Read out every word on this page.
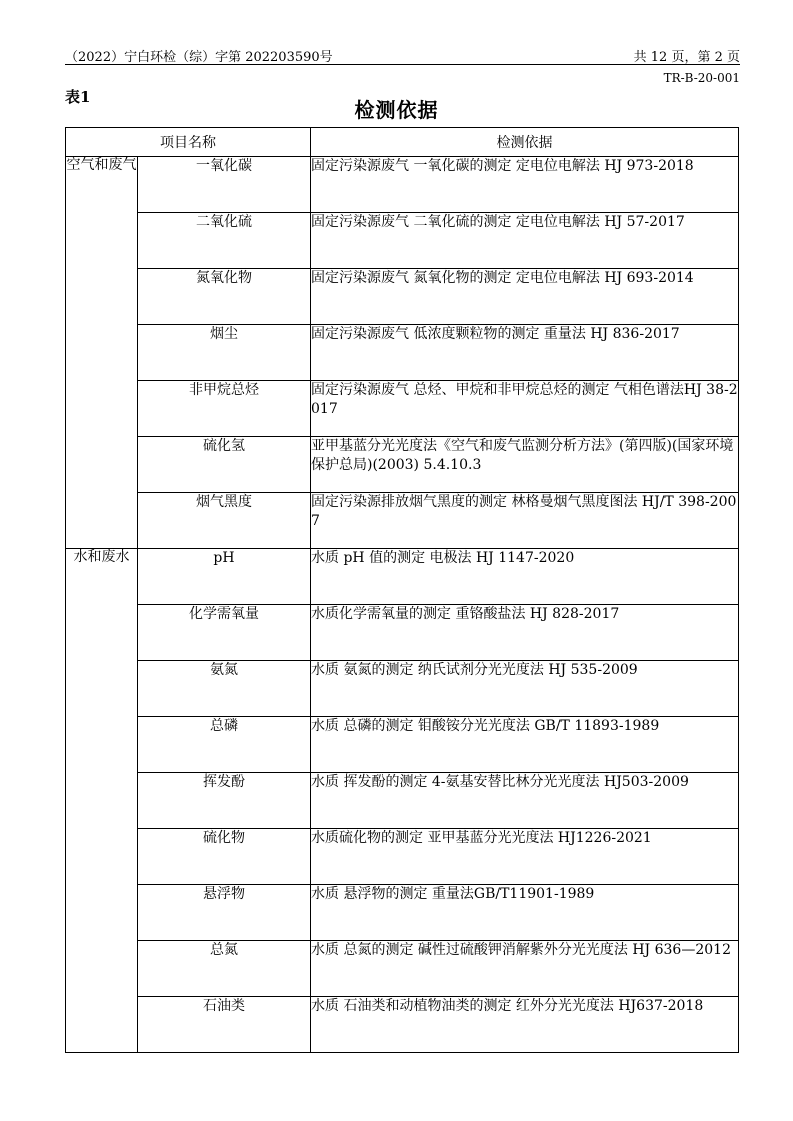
（2022）宁白环检（综）字第 202203590号	共 12 页，第 2 页
TR-B-20-001
表1
检测依据
项目名称		检测依据
空气和废气	一氧化碳	固定污染源废气 一氧化碳的测定 定电位电解法 HJ 973-2018
	二氧化硫	固定污染源废气 二氧化硫的测定 定电位电解法 HJ 57-2017
	氮氧化物	固定污染源废气 氮氧化物的测定 定电位电解法 HJ 693-2014
	烟尘	固定污染源废气 低浓度颗粒物的测定 重量法 HJ 836-2017
	非甲烷总烃	固定污染源废气 总烃、甲烷和非甲烷总烃的测定 气相色谱法HJ 38-2017
	硫化氢	亚甲基蓝分光光度法《空气和废气监测分析方法》(第四版)(国家环境保护总局)(2003) 5.4.10.3
	烟气黑度	固定污染源排放烟气黑度的测定 林格曼烟气黑度图法 HJ/T 398-2007
水和废水	pH	水质 pH 值的测定 电极法 HJ 1147-2020
	化学需氧量	水质化学需氧量的测定 重铬酸盐法 HJ 828-2017
	氨氮	水质 氨氮的测定 纳氏试剂分光光度法 HJ 535-2009
	总磷	水质 总磷的测定 钼酸铵分光光度法 GB/T 11893-1989
	挥发酚	水质 挥发酚的测定 4-氨基安替比林分光光度法 HJ503-2009
	硫化物	水质硫化物的测定 亚甲基蓝分光光度法 HJ1226-2021
	悬浮物	水质 悬浮物的测定 重量法GB/T11901-1989
	总氮	水质 总氮的测定 碱性过硫酸钾消解紫外分光光度法 HJ 636—2012
	石油类	水质 石油类和动植物油类的测定 红外分光光度法 HJ637-2018
